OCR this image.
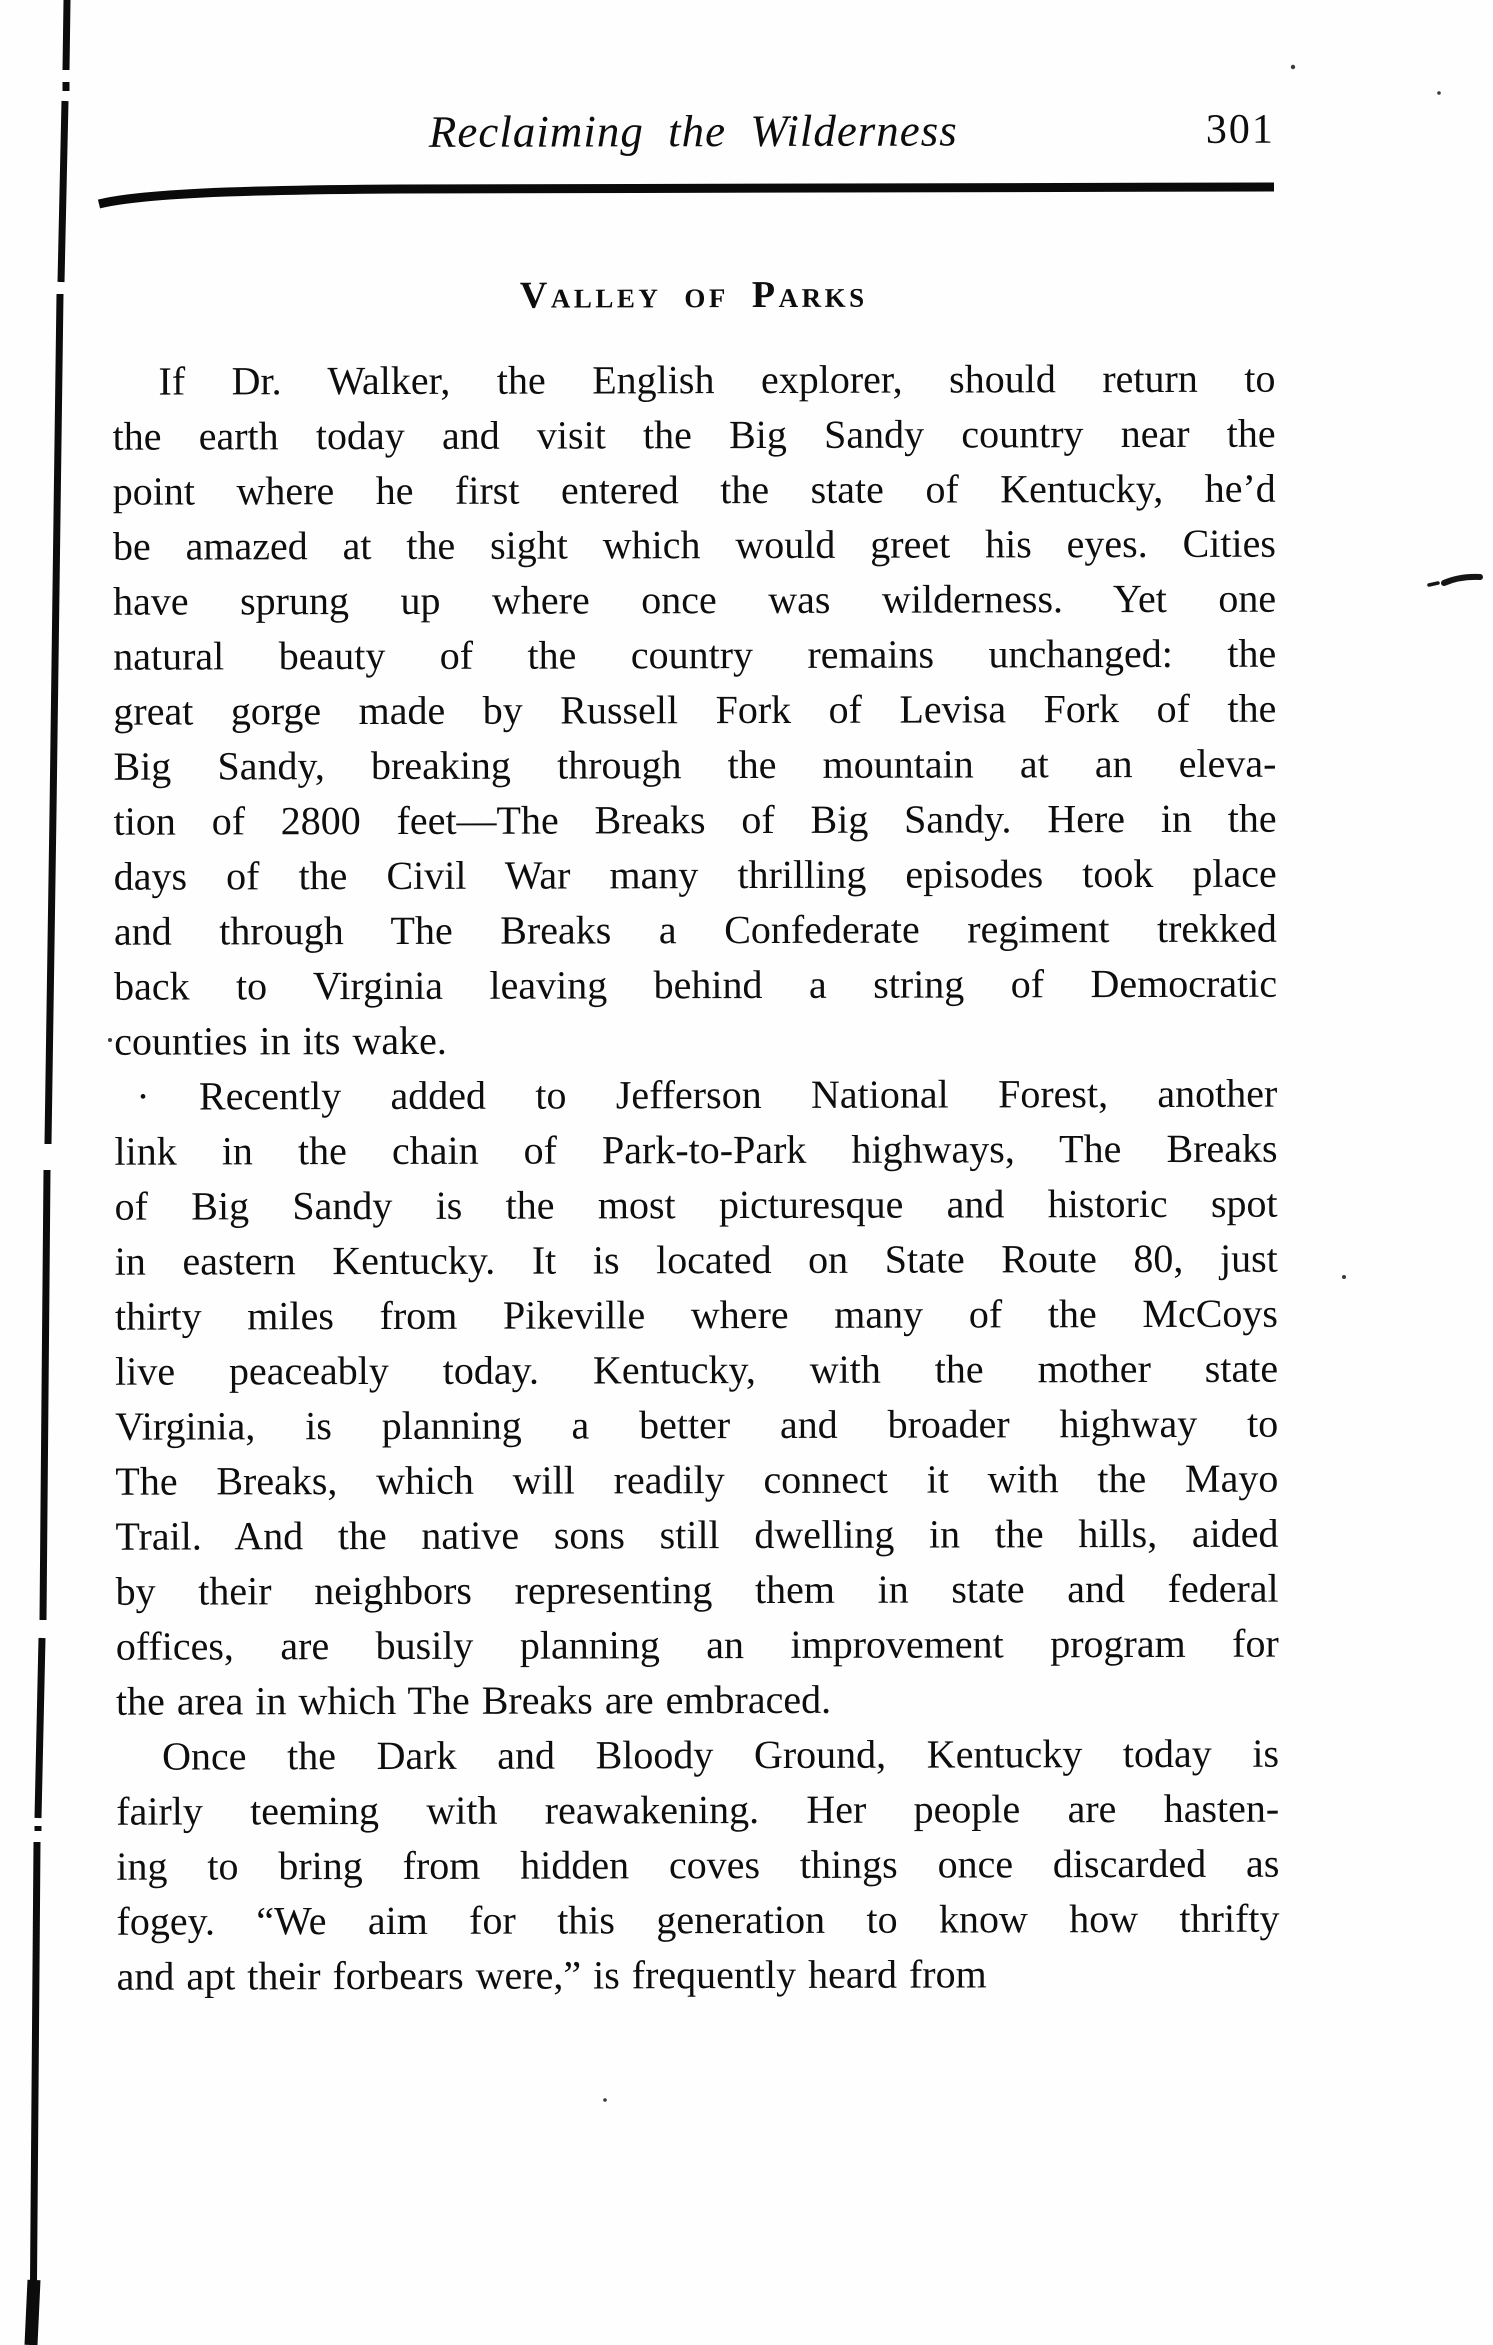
Reclaiming the Wilderness	301
Valley of Parks
If Dr. Walker, the English explorer, should return to
the earth today and visit the Big Sandy country near the
point where he first entered the state of Kentucky, he’d
be amazed at the sight which would greet his eyes. Cities
have sprung up where once was wilderness. Yet one
natural beauty of the country remains unchanged: the
great gorge made by Russell Fork of Levisa Fork of the
Big Sandy, breaking through the mountain at an eleva-
tion of 2800 feet—The Breaks of Big Sandy. Here in the
days of the Civil War many thrilling episodes took place
and through The Breaks a Confederate regiment trekked
back to Virginia leaving behind a string of Democratic
counties in its wake.
· Recently added to Jefferson National Forest, another
link in the chain of Park-to-Park highways, The Breaks
of Big Sandy is the most picturesque and historic spot
in eastern Kentucky. It is located on State Route 80, just
thirty miles from Pikeville where many of the McCoys
live peaceably today. Kentucky, with the mother state
Virginia, is planning a better and broader highway to
The Breaks, which will readily connect it with the Mayo
Trail. And the native sons still dwelling in the hills, aided
by their neighbors representing them in state and federal
offices, are busily planning an improvement program for
the area in which The Breaks are embraced.
Once the Dark and Bloody Ground, Kentucky today is
fairly teeming with reawakening. Her people are hasten-
ing to bring from hidden coves things once discarded as
fogey. “We aim for this generation to know how thrifty
and apt their forbears were,” is frequently heard from
